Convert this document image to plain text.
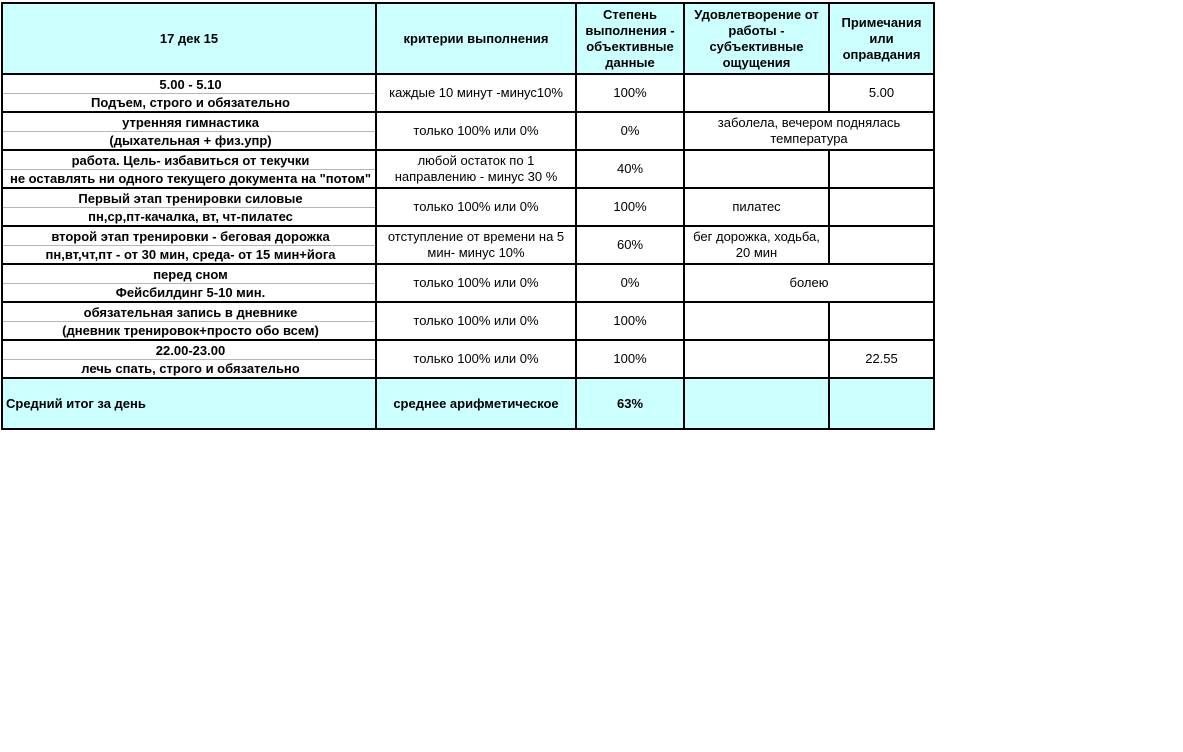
17 дек 15	критерии выполнения	Степень выполнения - объективные данные	Удовлетворение от работы - субъективные ощущения	Примечания или оправдания

5.00 - 5.10
Подъем, строго и обязательно	каждые 10 минут -минус10%	100%		5.00

утренняя гимнастика
(дыхательная + физ.упр)	только 100% или 0%	0%	заболела, вечером поднялась температура	

работа. Цель- избавиться от текучки
не оставлять ни одного текущего документа на "потом"	любой остаток по 1 направлению - минус 30 %	40%		

Первый этап тренировки силовые
пн,ср,пт-качалка, вт, чт-пилатес	только 100% или 0%	100%	пилатес	

второй этап тренировки - беговая дорожка
пн,вт,чт,пт - от 30 мин, среда- от 15 мин+йога	отступление от времени на 5 мин- минус 10%	60%	бег дорожка, ходьба, 20 мин	

перед сном
Фейсбилдинг 5-10 мин.	только 100% или 0%	0%	болею	

обязательная запись в дневнике
(дневник тренировок+просто обо всем)	только 100% или 0%	100%		

22.00-23.00
лечь спать, строго и обязательно	только 100% или 0%	100%		22.55
Средний итог за день	среднее арифметическое	63%		
